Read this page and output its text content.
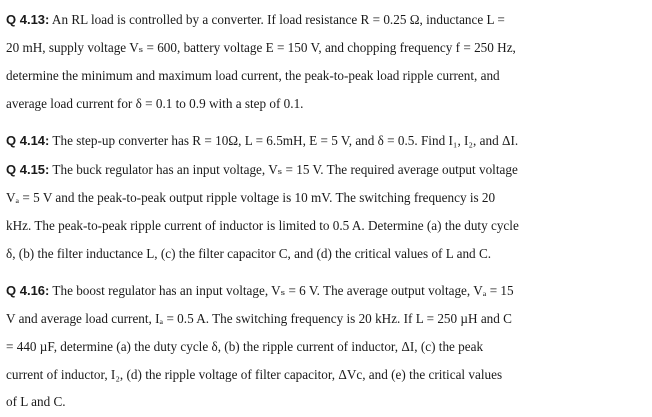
Q 4.13: An RL load is controlled by a converter. If load resistance R = 0.25 Ω, inductance L =
20 mH, supply voltage Vₛ = 600, battery voltage E = 150 V, and chopping frequency f = 250 Hz,
determine the minimum and maximum load current, the peak-to-peak load ripple current, and
average load current for δ = 0.1 to 0.9 with a step of 0.1.
Q 4.14: The step-up converter has R = 10Ω, L = 6.5mH, E = 5 V, and δ = 0.5. Find I₁, I₂, and ΔI.
Q 4.15: The buck regulator has an input voltage, Vₛ = 15 V. The required average output voltage
Vₐ = 5 V and the peak-to-peak output ripple voltage is 10 mV. The switching frequency is 20
kHz. The peak-to-peak ripple current of inductor is limited to 0.5 A. Determine (a) the duty cycle
δ, (b) the filter inductance L, (c) the filter capacitor C, and (d) the critical values of L and C.
Q 4.16: The boost regulator has an input voltage, Vₛ = 6 V. The average output voltage, Vₐ = 15
V and average load current, Iₐ = 0.5 A. The switching frequency is 20 kHz. If L = 250 µH and C
= 440 µF, determine (a) the duty cycle δ, (b) the ripple current of inductor, ΔI, (c) the peak
current of inductor, I₂, (d) the ripple voltage of filter capacitor, ΔVc, and (e) the critical values
of L and C.
